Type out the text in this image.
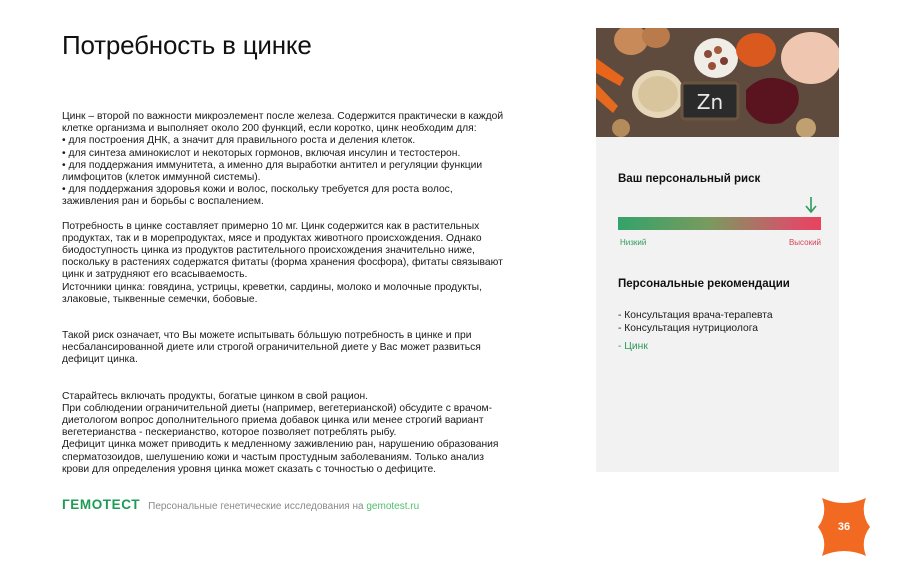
Потребность в цинке

Цинк – второй по важности микроэлемент после железа. Содержится практически в каждой
клетке организма и выполняет около 200 функций, если коротко, цинк необходим для:
• для построения ДНК, а значит для правильного роста и деления клеток.
• для синтеза аминокислот и некоторых гормонов, включая инсулин и тестостерон.
• для поддержания иммунитета, а именно для выработки антител и регуляции функции
лимфоцитов (клеток иммунной системы).
• для поддержания здоровья кожи и волос, поскольку требуется для роста волос,
заживления ран и борьбы с воспалением.

Потребность в цинке составляет примерно 10 мг. Цинк содержится как в растительных
продуктах, так и в морепродуктах, мясе и продуктах животного происхождения. Однако
биодоступность цинка из продуктов растительного происхождения значительно ниже,
поскольку в растениях содержатся фитаты (форма хранения фосфора), фитаты связывают
цинк и затрудняют его всасываемость.
Источники цинка: говядина, устрицы, креветки, сардины, молоко и молочные продукты,
злаковые, тыквенные семечки, бобовые.

Такой риск означает, что Вы можете испытывать бóльшую потребность в цинке и при
несбалансированной диете или строгой ограничительной диете у Вас может развиться
дефицит цинка.

Старайтесь включать продукты, богатые цинком в свой рацион.
При соблюдении ограничительной диеты (например, вегетерианской) обсудите с врачом-
диетологом вопрос дополнительного приема добавок цинка или менее строгий вариант
вегетерианства - пескерианство, которое позволяет потреблять рыбу.
Дефицит цинка может приводить к медленному заживлению ран, нарушению образования
сперматозоидов, шелушению кожи и частым простудным заболеваниям. Только анализ
крови для определения уровня цинка может сказать с точностью о дефиците.

Zn
Ваш персональный риск
Низкий	Высокий
Персональные рекомендации
- Консультация врача-терапевта
- Консультация нутрициолога
- Цинк
ГЕМОТЕСТ Персональные генетические исследования на gemotest.ru
36
